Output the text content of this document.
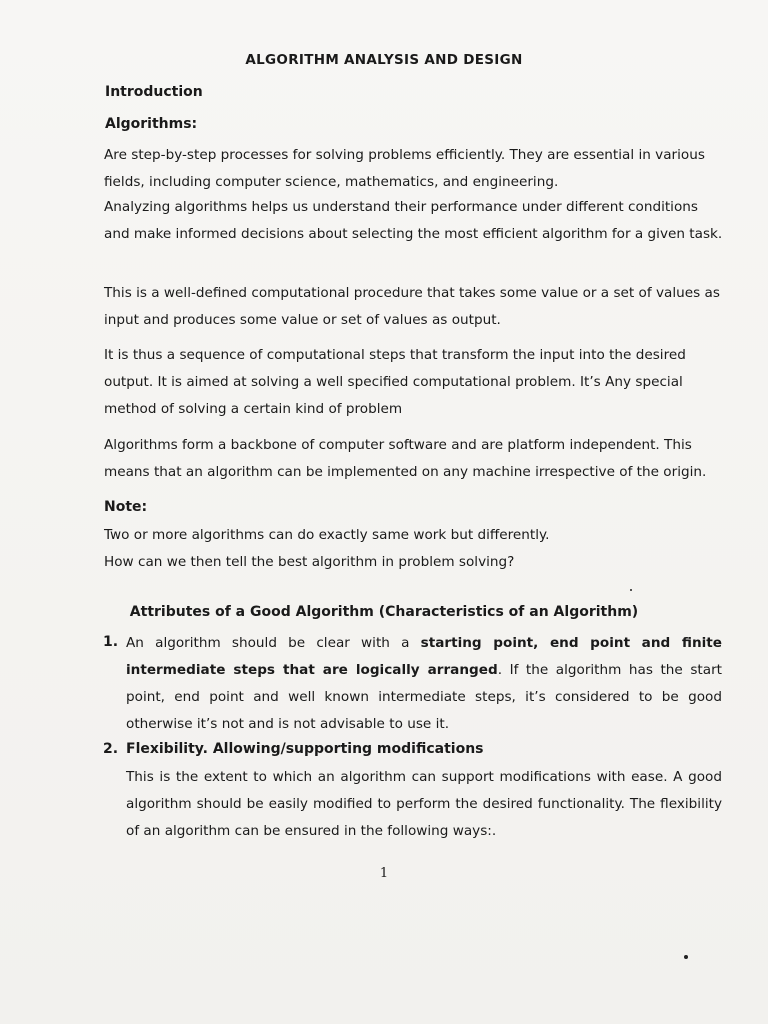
ALGORITHM ANALYSIS AND DESIGN
Introduction
Algorithms:

Are step-by-step processes for solving problems efficiently. They are essential in various fields, including computer science, mathematics, and engineering.

Analyzing algorithms helps us understand their performance under different conditions and make informed decisions about selecting the most efficient algorithm for a given task.

This is a well-defined computational procedure that takes some value or a set of values as input and produces some value or set of values as output.

It is thus a sequence of computational steps that transform the input into the desired output. It is aimed at solving a well specified computational problem. It’s Any special method of solving a certain kind of problem

Algorithms form a backbone of computer software and are platform independent. This means that an algorithm can be implemented on any machine irrespective of the origin.

Note:

Two or more algorithms can do exactly same work but differently.

How can we then tell the best algorithm in problem solving?

Attributes of a Good Algorithm (Characteristics of an Algorithm)
1. An algorithm should be clear with a starting point, end point and finite intermediate steps that are logically arranged. If the algorithm has the start point, end point and well known intermediate steps, it’s considered to be good otherwise it’s not and is not advisable to use it.

2. Flexibility. Allowing/supporting modifications

This is the extent to which an algorithm can support modifications with ease. A good algorithm should be easily modified to perform the desired functionality. The flexibility of an algorithm can be ensured in the following ways:.

1
